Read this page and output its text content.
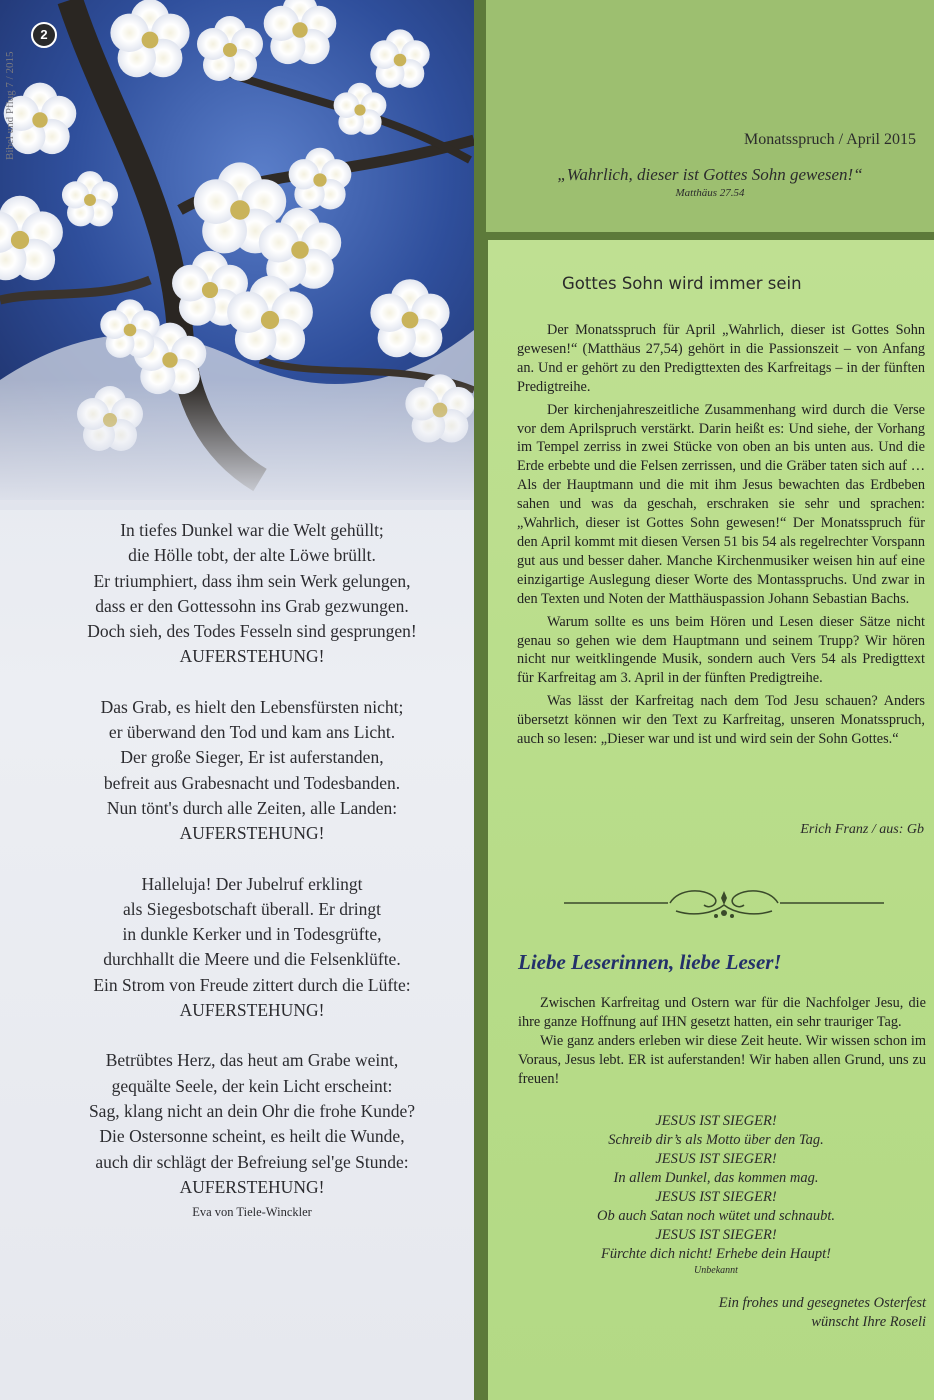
Bibel und Pflug 7 / 2015
2
In tiefes Dunkel war die Welt gehüllt;
die Hölle tobt, der alte Löwe brüllt.
Er triumphiert, dass ihm sein Werk gelungen,
dass er den Gottessohn ins Grab gezwungen.
Doch sieh, des Todes Fesseln sind gesprungen!
AUFERSTEHUNG!
Das Grab, es hielt den Lebensfürsten nicht;
er überwand den Tod und kam ans Licht.
Der große Sieger, Er ist auferstanden,
befreit aus Grabesnacht und Todesbanden.
Nun tönt's durch alle Zeiten, alle Landen:
AUFERSTEHUNG!
Halleluja! Der Jubelruf erklingt
als Siegesbotschaft überall. Er dringt
in dunkle Kerker und in Todesgrüfte,
durchhallt die Meere und die Felsenklüfte.
Ein Strom von Freude zittert durch die Lüfte:
AUFERSTEHUNG!
Betrübtes Herz, das heut am Grabe weint,
gequälte Seele, der kein Licht erscheint:
Sag, klang nicht an dein Ohr die frohe Kunde?
Die Ostersonne scheint, es heilt die Wunde,
auch dir schlägt der Befreiung sel'ge Stunde:
AUFERSTEHUNG!
Eva von Tiele-Winckler
Monatsspruch / April 2015
„Wahrlich, dieser ist Gottes Sohn gewesen!“
Matthäus 27.54
Gottes Sohn wird immer sein

Der Monatsspruch für April „Wahrlich, dieser ist Gottes Sohn gewesen!“ (Matthäus 27,54) gehört in die Passionszeit – von Anfang an. Und er gehört zu den Predigttexten des Karfreitags – in der fünften Predigtreihe.

Der kirchenjahreszeitliche Zusammenhang wird durch die Verse vor dem Aprilspruch verstärkt. Darin heißt es: Und siehe, der Vorhang im Tempel zerriss in zwei Stücke von oben an bis unten aus. Und die Erde erbebte und die Felsen zerrissen, und die Gräber taten sich auf … Als der Hauptmann und die mit ihm Jesus bewachten das Erdbeben sahen und was da geschah, erschraken sie sehr und sprachen: „Wahrlich, dieser ist Gottes Sohn gewesen!“ Der Monatsspruch für den April kommt mit diesen Versen 51 bis 54 als regelrechter Vorspann gut aus und besser daher. Manche Kirchenmusiker weisen hin auf eine einzigartige Auslegung dieser Worte des Montasspruchs. Und zwar in den Texten und Noten der Matthäuspassion Johann Sebastian Bachs.

Warum sollte es uns beim Hören und Lesen dieser Sätze nicht genau so gehen wie dem Hauptmann und seinem Trupp? Wir hören nicht nur weitklingende Musik, sondern auch Vers 54 als Predigttext für Karfreitag am 3. April in der fünften Predigtreihe.

Was lässt der Karfreitag nach dem Tod Jesu schauen? Anders übersetzt können wir den Text zu Karfreitag, unseren Monatsspruch, auch so lesen: „Dieser war und ist und wird sein der Sohn Gottes.“

Erich Franz / aus: Gb
Liebe Leserinnen, liebe Leser!

Zwischen Karfreitag und Ostern war für die Nachfolger Jesu, die ihre ganze Hoffnung auf IHN gesetzt hatten, ein sehr trauriger Tag.

Wie ganz anders erleben wir diese Zeit heute. Wir wissen schon im Voraus, Jesus lebt. ER ist auferstanden! Wir haben allen Grund, uns zu freuen!

JESUS IST SIEGER!
Schreib dir’s als Motto über den Tag.
JESUS IST SIEGER!
In allem Dunkel, das kommen mag.
JESUS IST SIEGER!
Ob auch Satan noch wütet und schnaubt.
JESUS IST SIEGER!
Fürchte dich nicht! Erhebe dein Haupt!
Unbekannt
Ein frohes und gesegnetes Osterfest
wünscht Ihre Roseli
